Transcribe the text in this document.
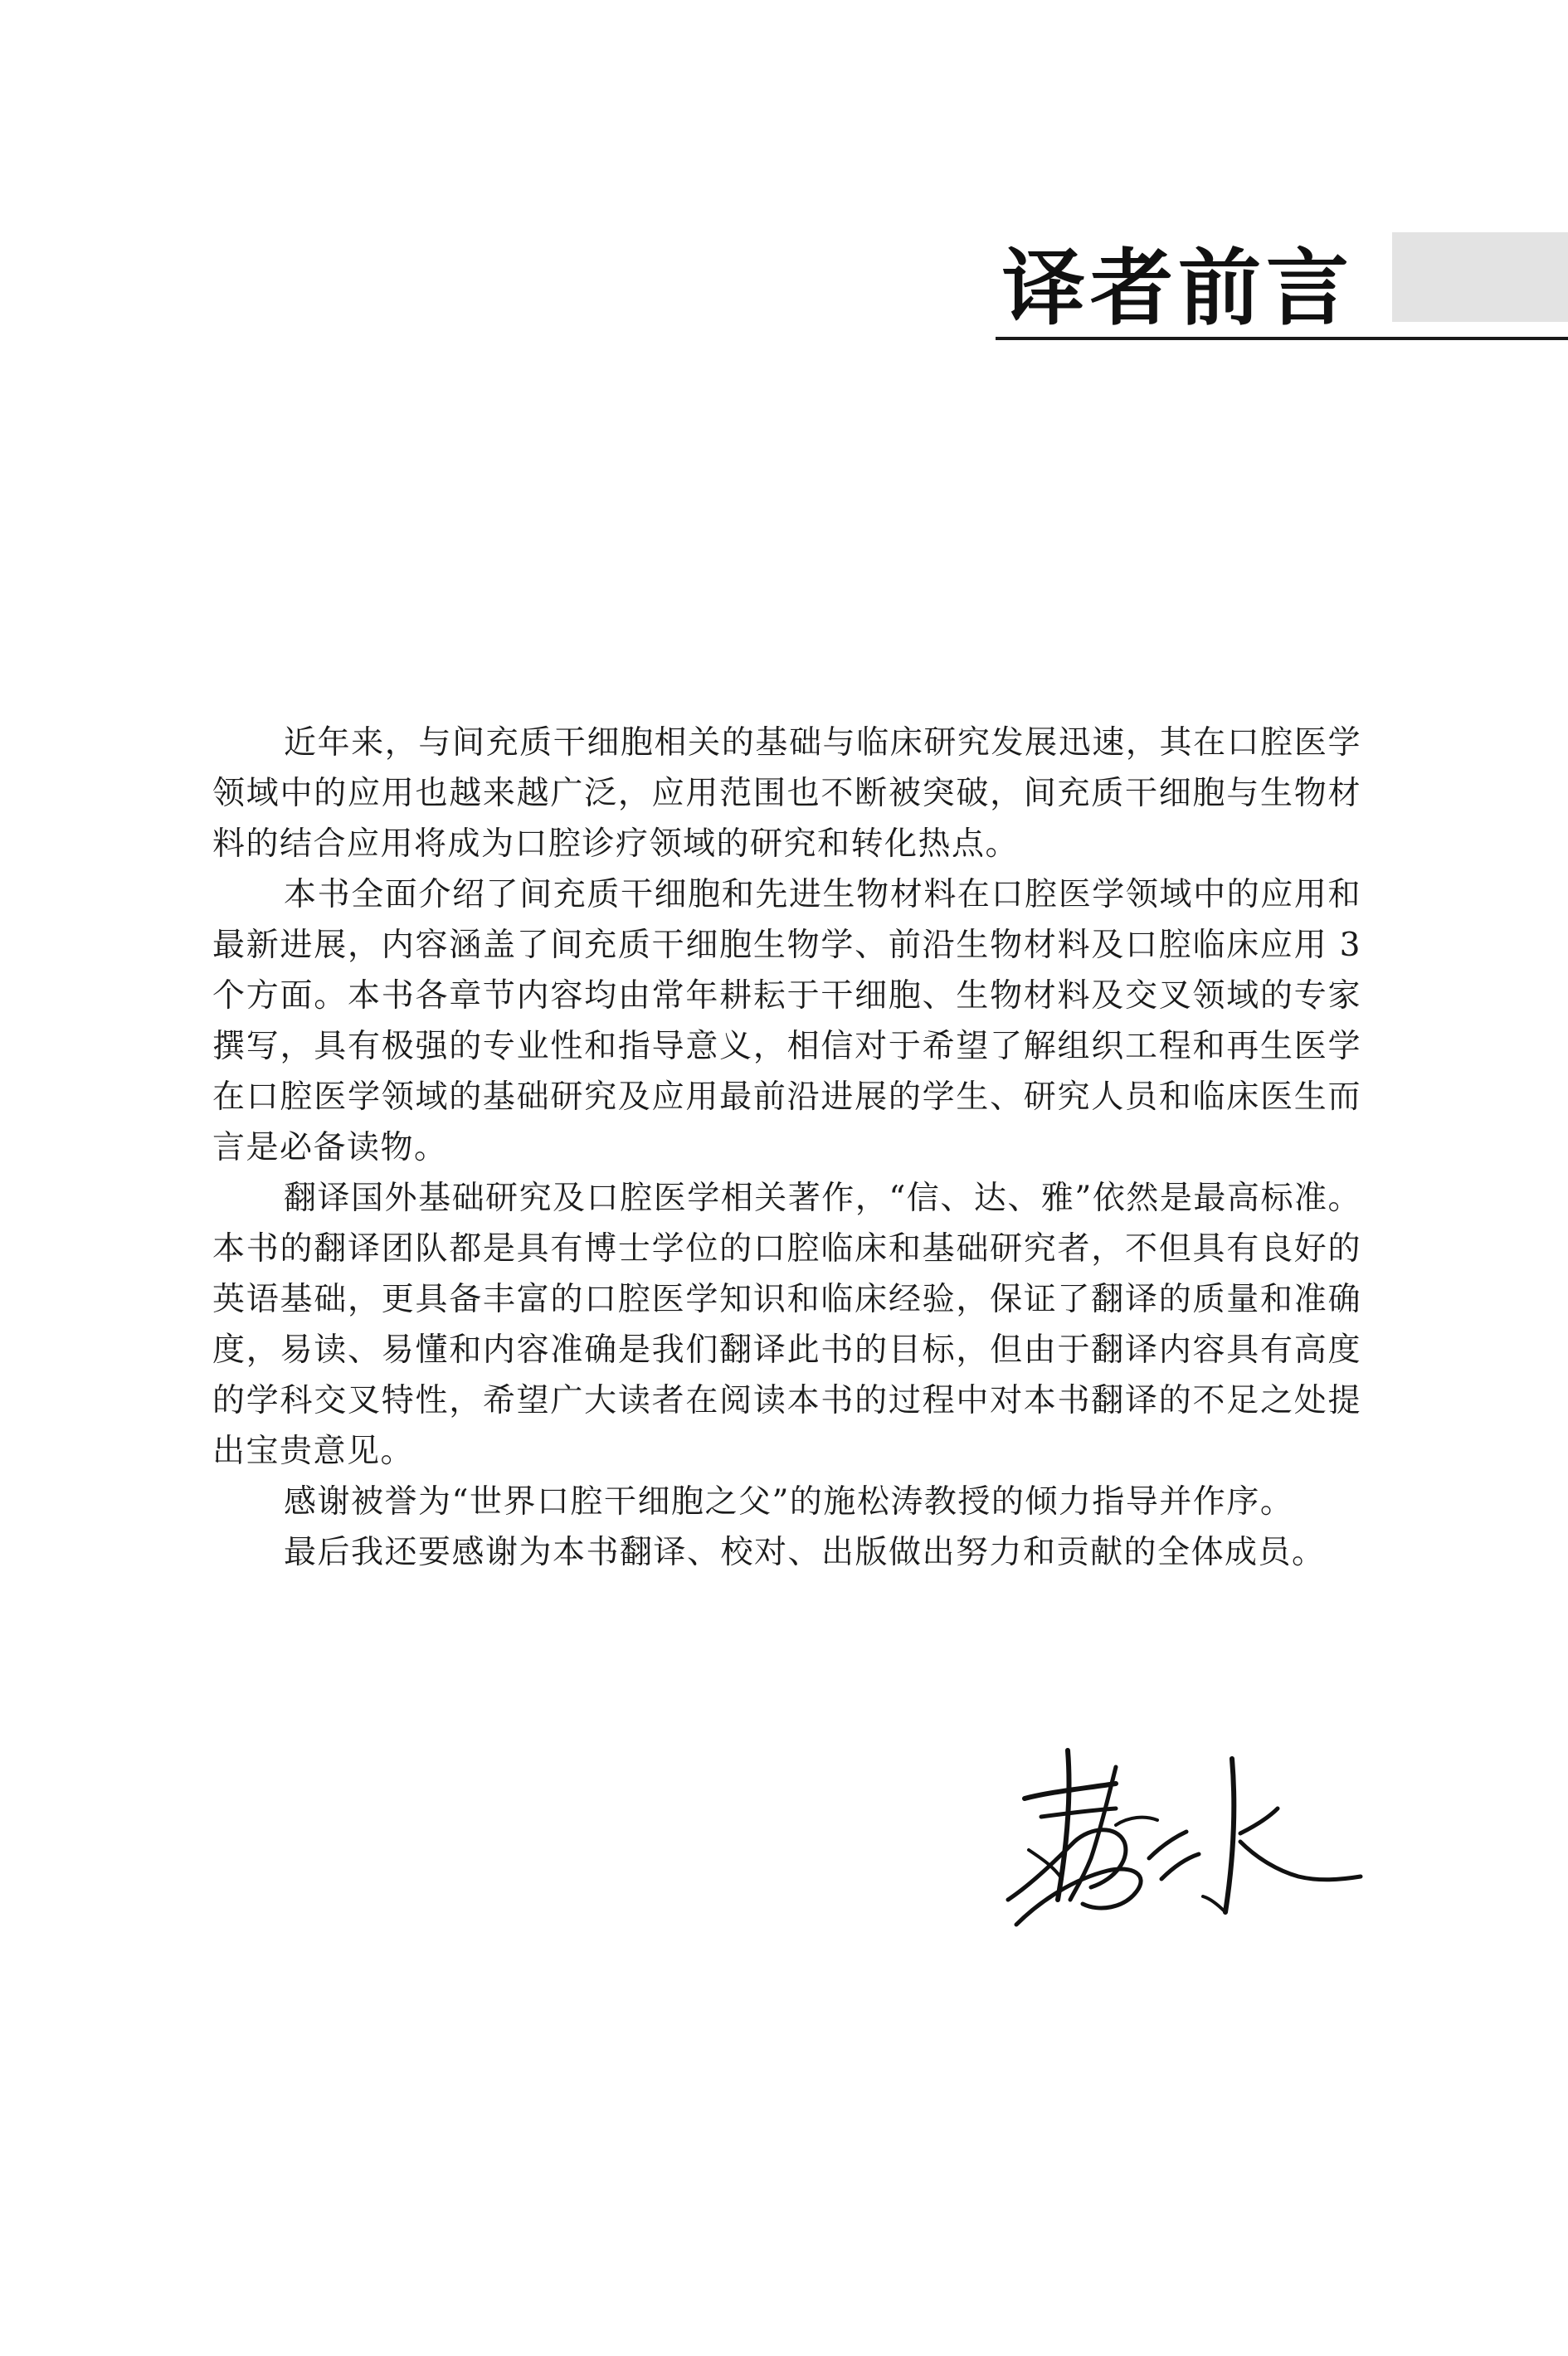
译者前言

近年来，与间充质干细胞相关的基础与临床研究发展迅速，其在口腔医学领域中的应用也越来越广泛，应用范围也不断被突破，间充质干细胞与生物材料的结合应用将成为口腔诊疗领域的研究和转化热点。

本书全面介绍了间充质干细胞和先进生物材料在口腔医学领域中的应用和最新进展，内容涵盖了间充质干细胞生物学、前沿生物材料及口腔临床应用 3 个方面。本书各章节内容均由常年耕耘于干细胞、生物材料及交叉领域的专家撰写，具有极强的专业性和指导意义，相信对于希望了解组织工程和再生医学在口腔医学领域的基础研究及应用最前沿进展的学生、研究人员和临床医生而言是必备读物。

翻译国外基础研究及口腔医学相关著作，“信、达、雅”依然是最高标准。本书的翻译团队都是具有博士学位的口腔临床和基础研究者，不但具有良好的英语基础，更具备丰富的口腔医学知识和临床经验，保证了翻译的质量和准确度，易读、易懂和内容准确是我们翻译此书的目标，但由于翻译内容具有高度的学科交叉特性，希望广大读者在阅读本书的过程中对本书翻译的不足之处提出宝贵意见。

感谢被誉为“世界口腔干细胞之父”的施松涛教授的倾力指导并作序。

最后我还要感谢为本书翻译、校对、出版做出努力和贡献的全体成员。
